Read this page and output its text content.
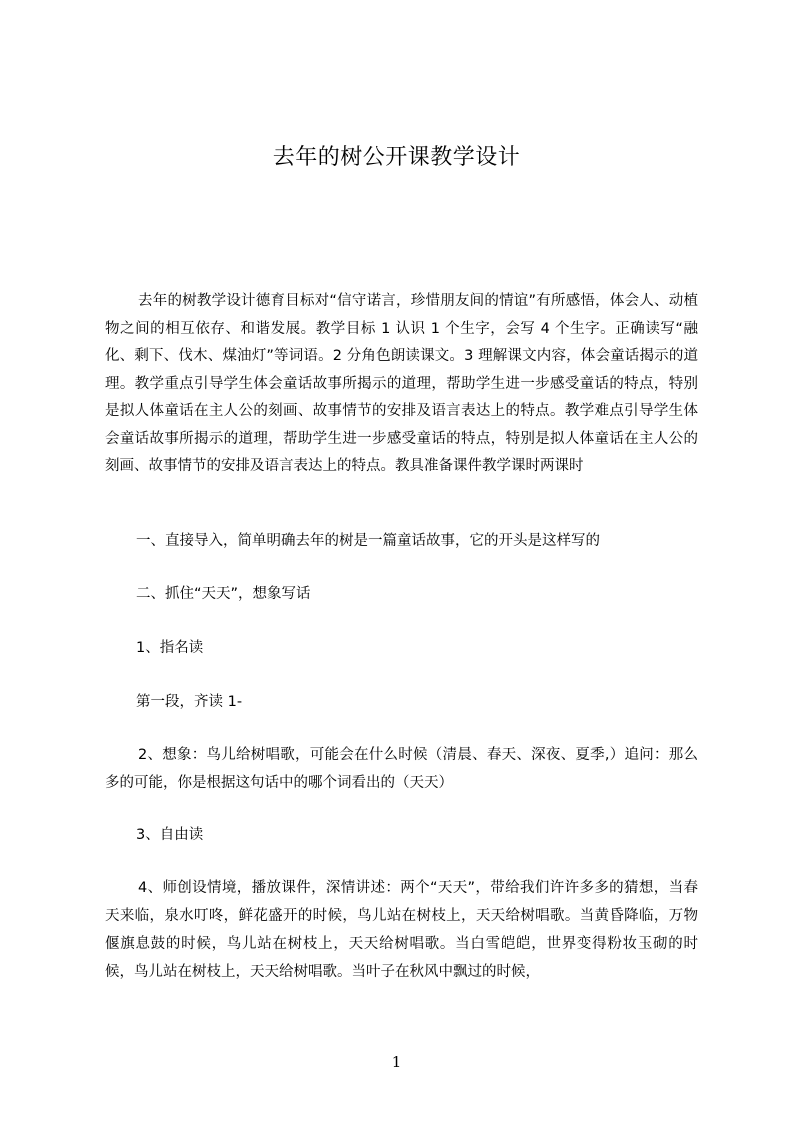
去年的树公开课教学设计
去年的树教学设计德育目标对“信守诺言，珍惜朋友间的情谊”有所感悟，体会人、动植物之间的相互依存、和谐发展。教学目标 1 认识 1 个生字，会写 4 个生字。正确读写“融化、剩下、伐木、煤油灯”等词语。2 分角色朗读课文。3 理解课文内容，体会童话揭示的道理。教学重点引导学生体会童话故事所揭示的道理，帮助学生进一步感受童话的特点，特别是拟人体童话在主人公的刻画、故事情节的安排及语言表达上的特点。教学难点引导学生体会童话故事所揭示的道理，帮助学生进一步感受童话的特点，特别是拟人体童话在主人公的刻画、故事情节的安排及语言表达上的特点。教具准备课件教学课时两课时
一、直接导入，简单明确去年的树是一篇童话故事，它的开头是这样写的
二、抓住“天天”，想象写话
1、指名读
第一段，齐读 1-
2、想象：鸟儿给树唱歌，可能会在什么时候（清晨、春天、深夜、夏季,）追问：那么多的可能，你是根据这句话中的哪个词看出的（天天）
3、自由读
4、师创设情境，播放课件，深情讲述：两个“天天”，带给我们许许多多的猜想，当春天来临，泉水叮咚，鲜花盛开的时候，鸟儿站在树枝上，天天给树唱歌。当黄昏降临，万物偃旗息鼓的时候，鸟儿站在树枝上，天天给树唱歌。当白雪皑皑，世界变得粉妆玉砌的时候，鸟儿站在树枝上，天天给树唱歌。当叶子在秋风中飘过的时候，
1
